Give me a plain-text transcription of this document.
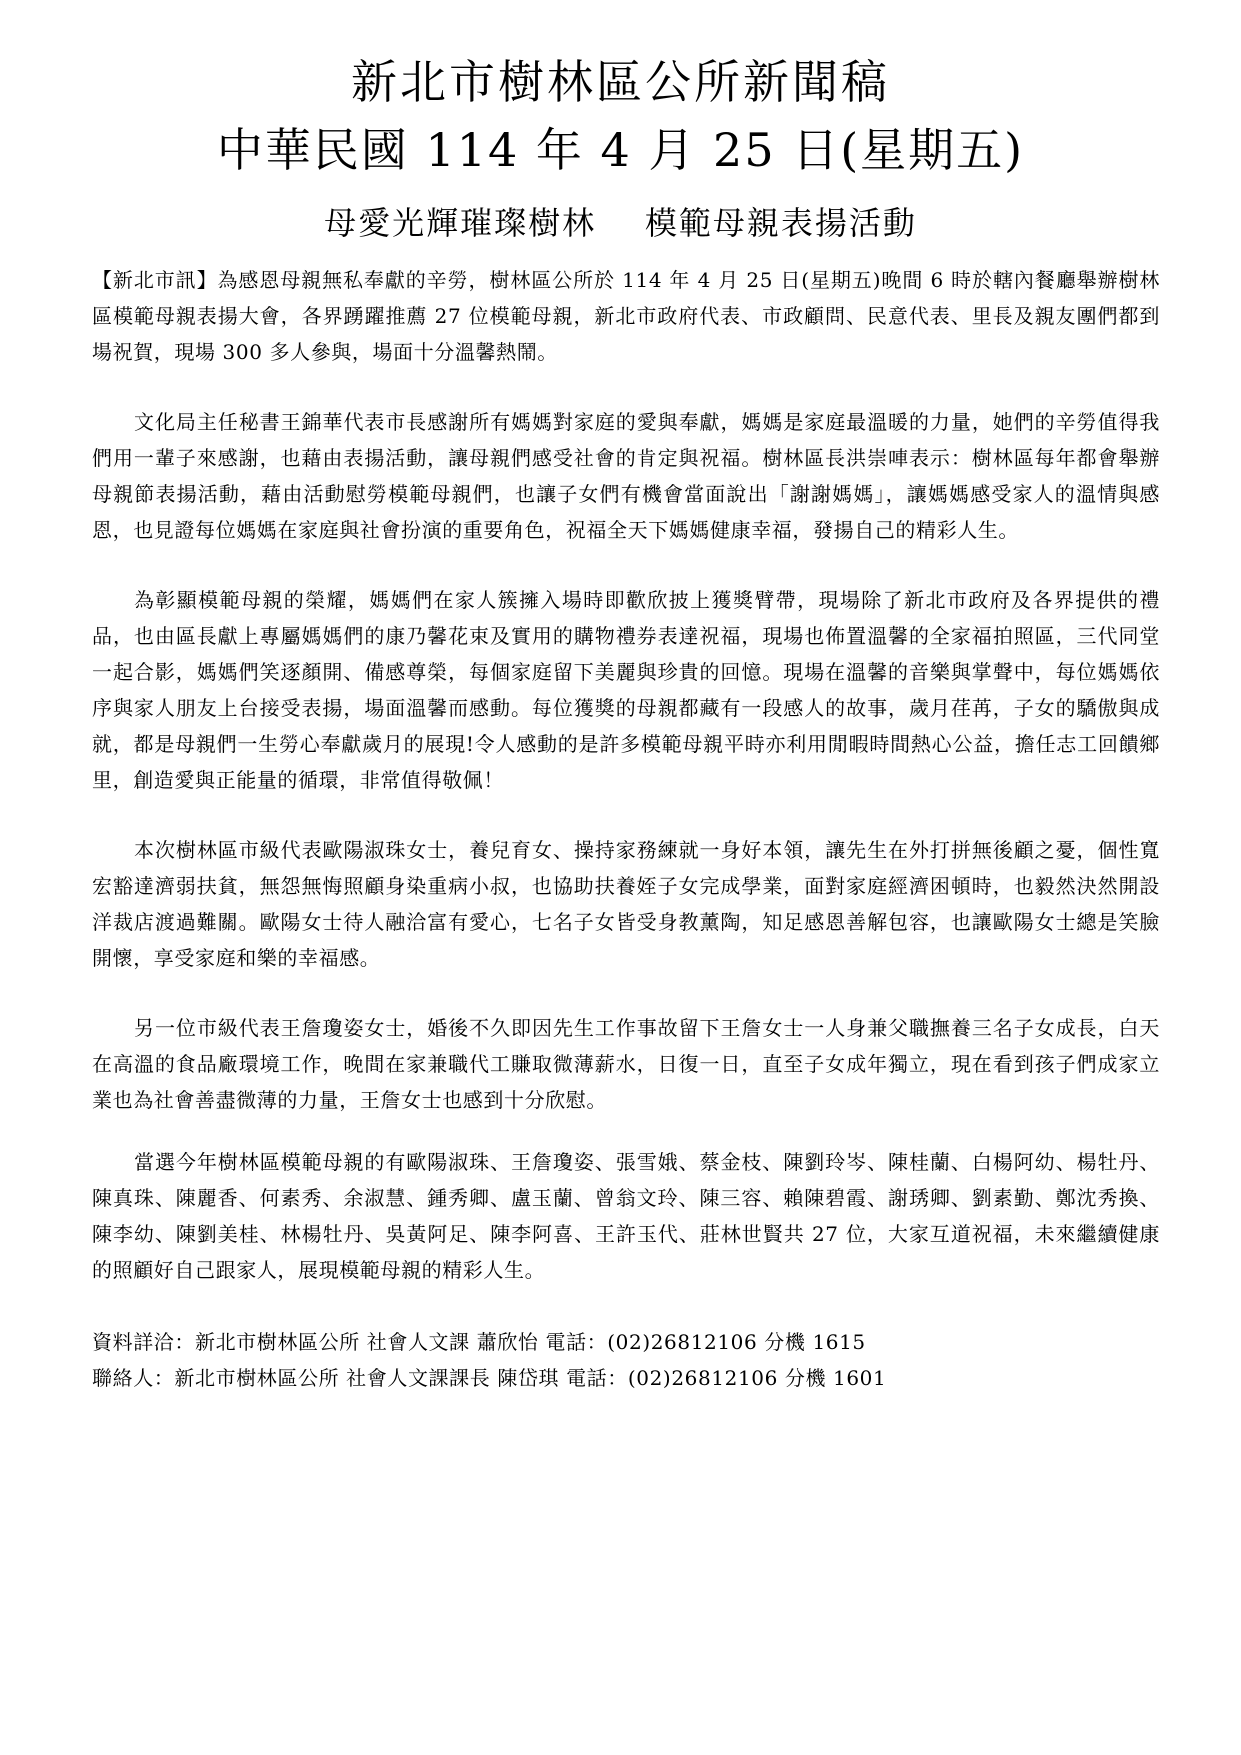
新北市樹林區公所新聞稿
中華民國 114 年 4 月 25 日(星期五)
母愛光輝璀璨樹林    模範母親表揚活動

【新北市訊】為感恩母親無私奉獻的辛勞，樹林區公所於 114 年 4 月 25 日(星期五)晚間 6 時於轄內餐廳舉辦樹林區模範母親表揚大會，各界踴躍推薦 27 位模範母親，新北市政府代表、市政顧問、民意代表、里長及親友團們都到場祝賀，現場 300 多人參與，場面十分溫馨熱鬧。

文化局主任秘書王錦華代表市長感謝所有媽媽對家庭的愛與奉獻，媽媽是家庭最溫暖的力量，她們的辛勞值得我們用一輩子來感謝，也藉由表揚活動，讓母親們感受社會的肯定與祝福。樹林區長洪崇唓表示：樹林區每年都會舉辦母親節表揚活動，藉由活動慰勞模範母親們，也讓子女們有機會當面說出「謝謝媽媽」，讓媽媽感受家人的溫情與感恩，也見證每位媽媽在家庭與社會扮演的重要角色，祝福全天下媽媽健康幸福，發揚自己的精彩人生。

為彰顯模範母親的榮耀，媽媽們在家人簇擁入場時即歡欣披上獲獎臂帶，現場除了新北市政府及各界提供的禮品，也由區長獻上專屬媽媽們的康乃馨花束及實用的購物禮券表達祝福，現場也佈置溫馨的全家福拍照區，三代同堂一起合影，媽媽們笑逐顏開、備感尊榮，每個家庭留下美麗與珍貴的回憶。現場在溫馨的音樂與掌聲中，每位媽媽依序與家人朋友上台接受表揚，場面溫馨而感動。每位獲獎的母親都藏有一段感人的故事，歲月荏苒，子女的驕傲與成就，都是母親們一生勞心奉獻歲月的展現!令人感動的是許多模範母親平時亦利用閒暇時間熱心公益，擔任志工回饋鄉里，創造愛與正能量的循環，非常值得敬佩！

本次樹林區市級代表歐陽淑珠女士，養兒育女、操持家務練就一身好本領，讓先生在外打拼無後顧之憂，個性寬宏豁達濟弱扶貧，無怨無悔照顧身染重病小叔，也協助扶養姪子女完成學業，面對家庭經濟困頓時，也毅然決然開設洋裁店渡過難關。歐陽女士待人融洽富有愛心，七名子女皆受身教薰陶，知足感恩善解包容，也讓歐陽女士總是笑臉開懷，享受家庭和樂的幸福感。

另一位市級代表王詹瓊姿女士，婚後不久即因先生工作事故留下王詹女士一人身兼父職撫養三名子女成長，白天在高溫的食品廠環境工作，晚間在家兼職代工賺取微薄薪水，日復一日，直至子女成年獨立，現在看到孩子們成家立業也為社會善盡微薄的力量，王詹女士也感到十分欣慰。

當選今年樹林區模範母親的有歐陽淑珠、王詹瓊姿、張雪娥、蔡金枝、陳劉玲岑、陳桂蘭、白楊阿幼、楊牡丹、陳真珠、陳麗香、何素秀、余淑慧、鍾秀卿、盧玉蘭、曾翁文玲、陳三容、賴陳碧霞、謝琇卿、劉素勤、鄭沈秀換、陳李幼、陳劉美桂、林楊牡丹、吳黃阿足、陳李阿喜、王許玉代、莊林世賢共 27 位，大家互道祝福，未來繼續健康的照顧好自己跟家人，展現模範母親的精彩人生。

資料詳洽：新北市樹林區公所 社會人文課 蕭欣怡 電話：(02)26812106 分機 1615

聯絡人：新北市樹林區公所 社會人文課課長 陳岱琪 電話：(02)26812106 分機 1601
